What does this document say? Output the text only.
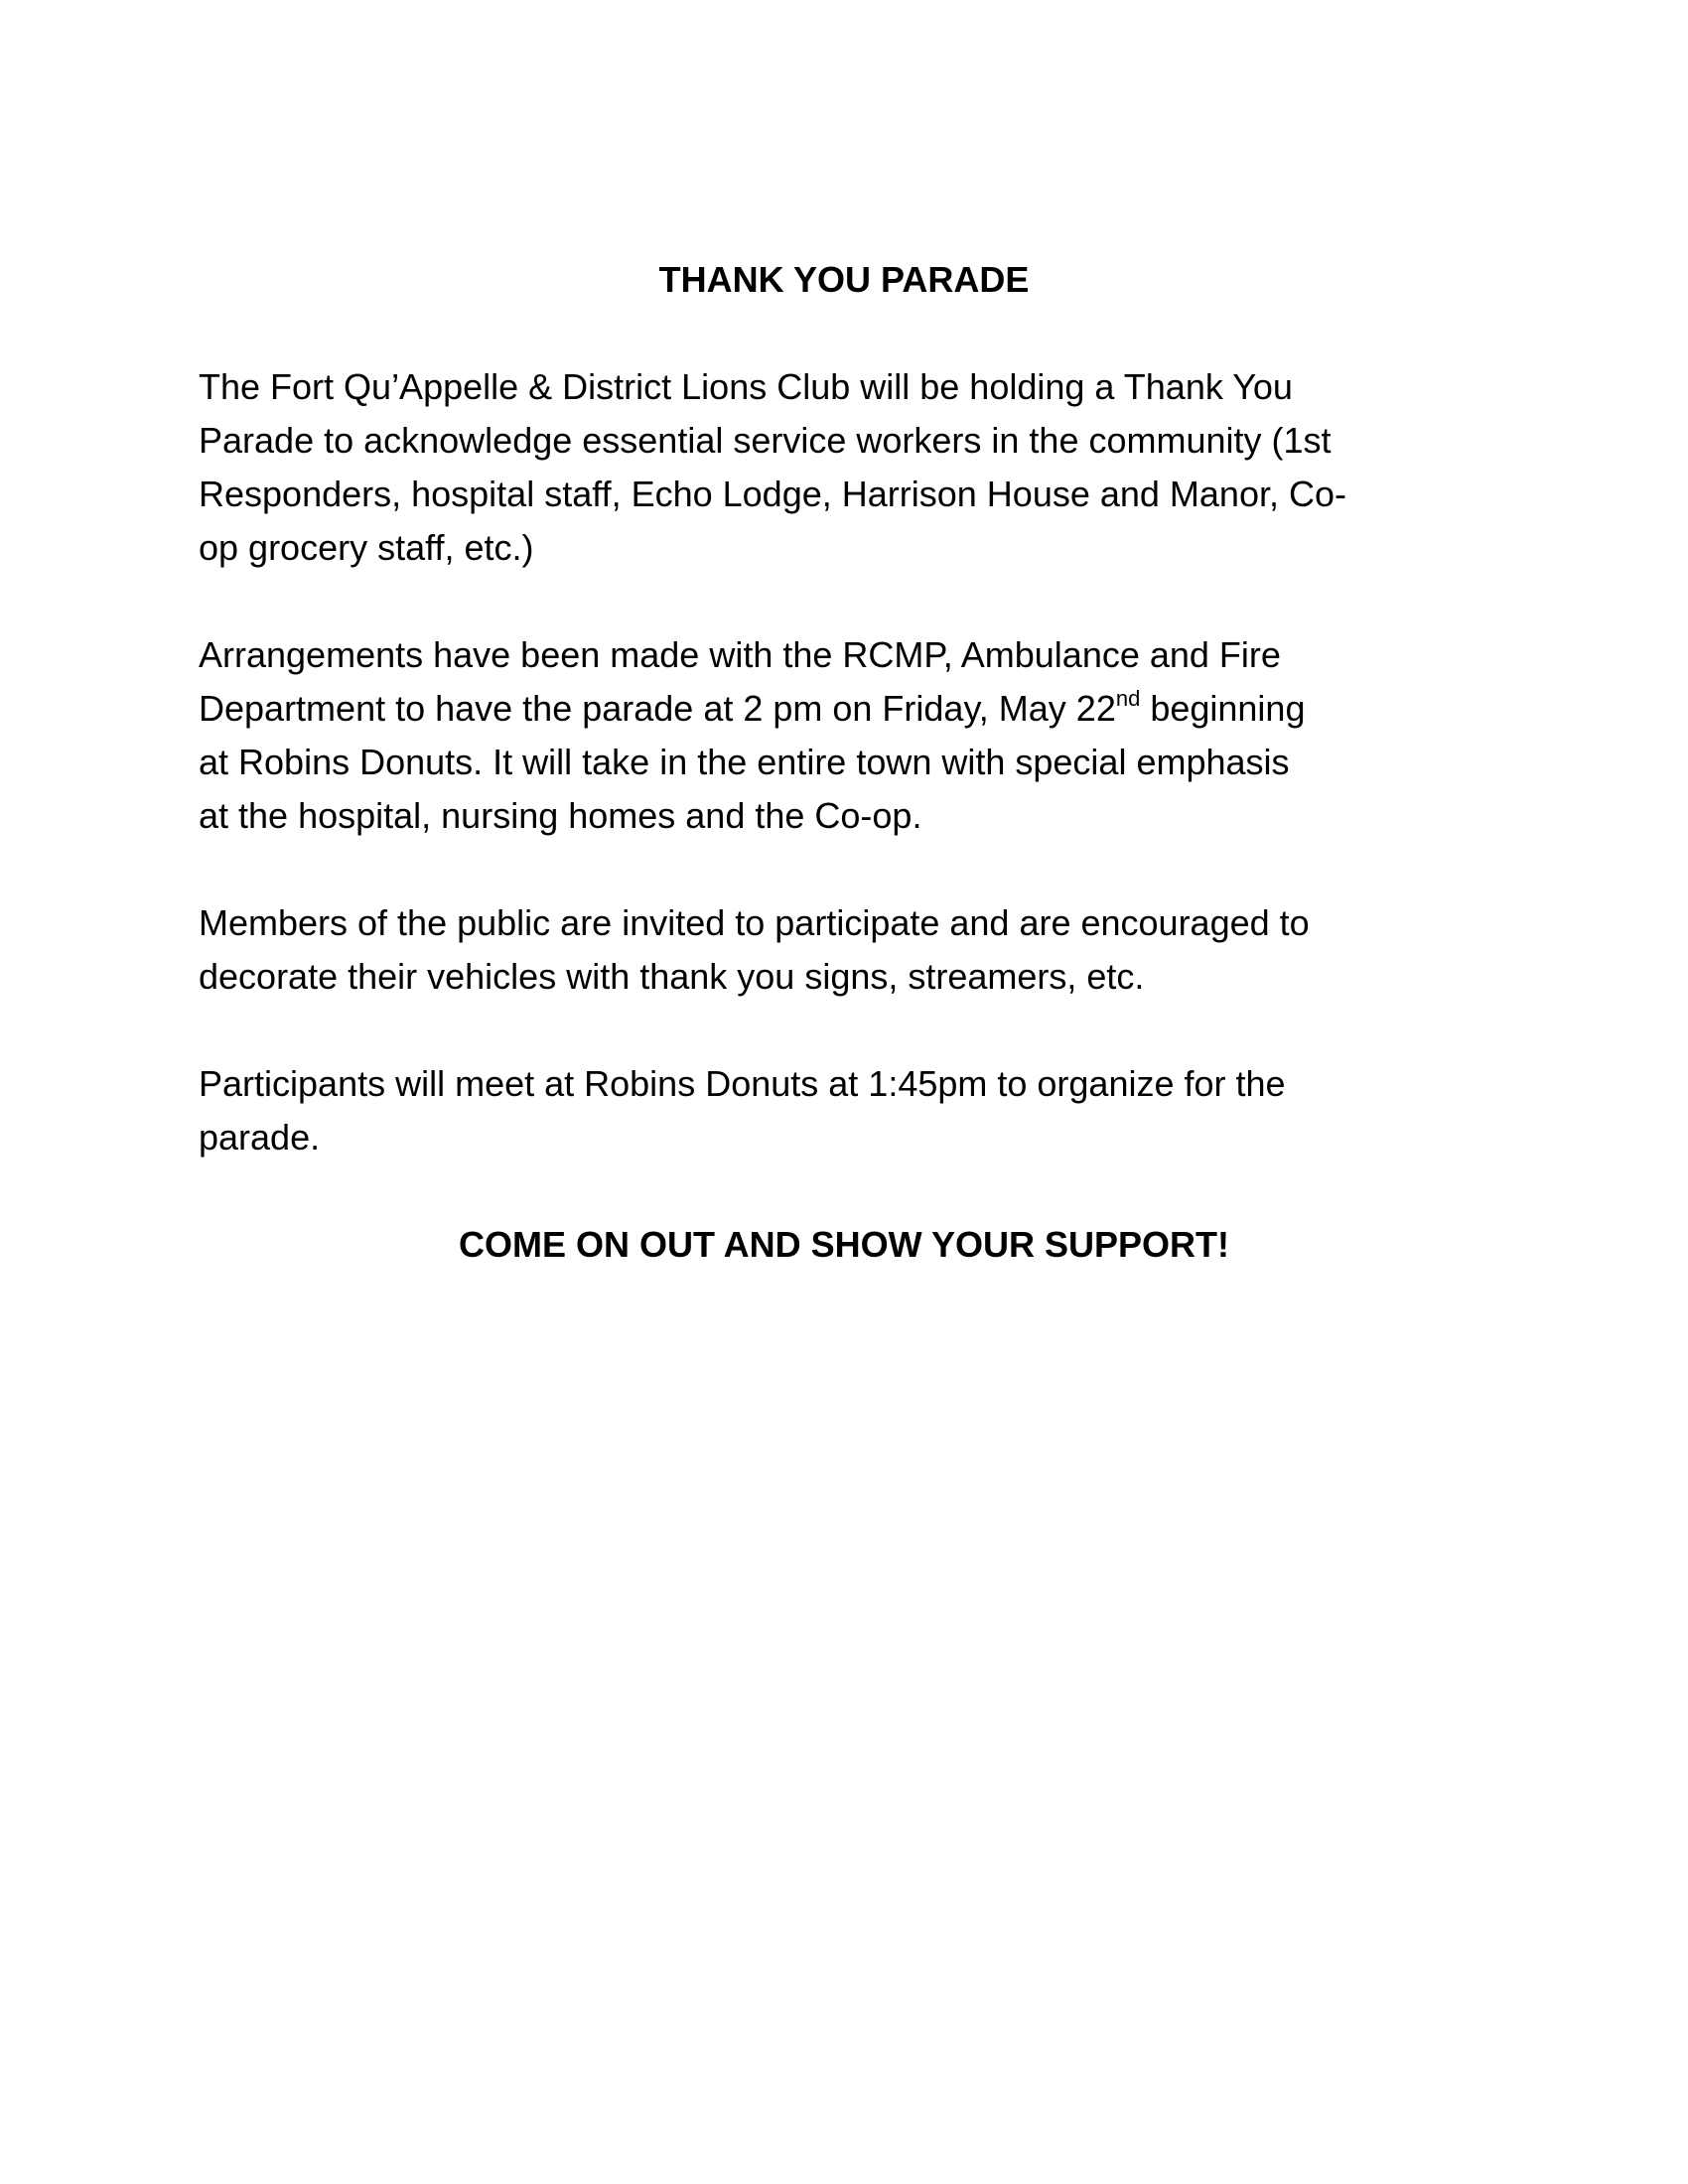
THANK YOU PARADE

The Fort Qu’Appelle & District Lions Club will be holding a Thank You
Parade to acknowledge essential service workers in the community (1st
Responders, hospital staff, Echo Lodge, Harrison House and Manor, Co-
op grocery staff, etc.)

Arrangements have been made with the RCMP, Ambulance and Fire
Department to have the parade at 2 pm on Friday, May 22nd beginning
at Robins Donuts. It will take in the entire town with special emphasis
at the hospital, nursing homes and the Co-op.

Members of the public are invited to participate and are encouraged to
decorate their vehicles with thank you signs, streamers, etc.

Participants will meet at Robins Donuts at 1:45pm to organize for the
parade.

COME ON OUT AND SHOW YOUR SUPPORT!
